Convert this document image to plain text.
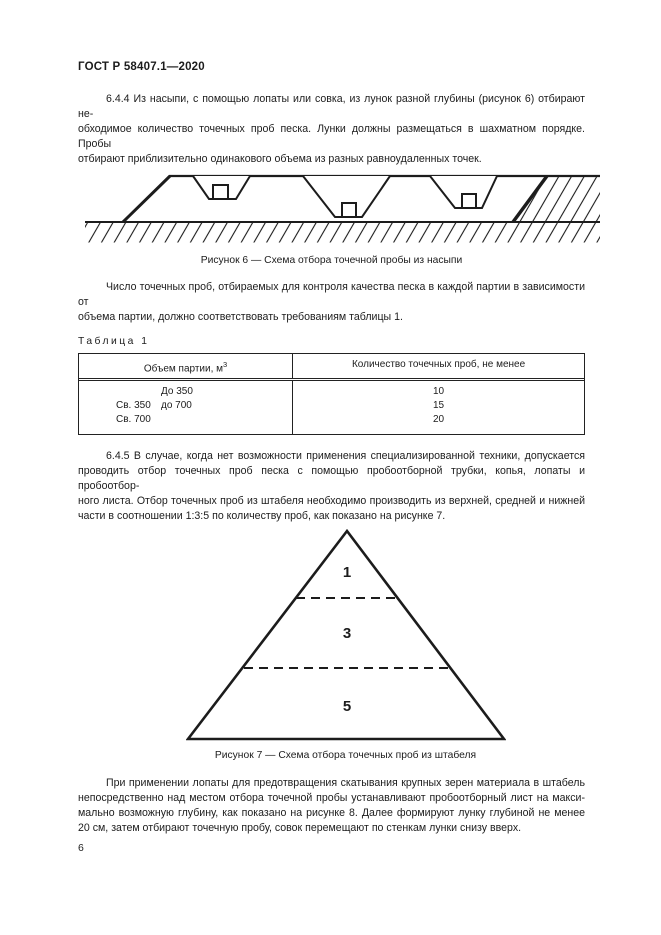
ГОСТ Р 58407.1—2020
6.4.4 Из насыпи, с помощью лопаты или совка, из лунок разной глубины (рисунок 6) отбирают не-
обходимое количество точечных проб песка. Лунки должны размещаться в шахматном порядке. Пробы
отбирают приблизительно одинакового объема из разных равноудаленных точек.
Рисунок 6 — Схема отбора точечной пробы из насыпи
Число точечных проб, отбираемых для контроля качества песка в каждой партии в зависимости от
объема партии, должно соответствовать требованиям таблицы 1.
Таблица 1
Объем партии, $м^3$	Количество точечных проб, не менее
До 350
Св. 350 до 700
Св. 700
10
15
20
6.4.5 В случае, когда нет возможности применения специализированной техники, допускается
проводить отбор точечных проб песка с помощью пробоотборной трубки, копья, лопаты и пробоотбор-
ного листа. Отбор точечных проб из штабеля необходимо производить из верхней, средней и нижней
части в соотношении 1:3:5 по количеству проб, как показано на рисунке 7.
1
3
5
Рисунок 7 — Схема отбора точечных проб из штабеля
При применении лопаты для предотвращения скатывания крупных зерен материала в штабель
непосредственно над местом отбора точечной пробы устанавливают пробоотборный лист на макси-
мально возможную глубину, как показано на рисунке 8. Далее формируют лунку глубиной не менее
20 см, затем отбирают точечную пробу, совок перемещают по стенкам лунки снизу вверх.
6
